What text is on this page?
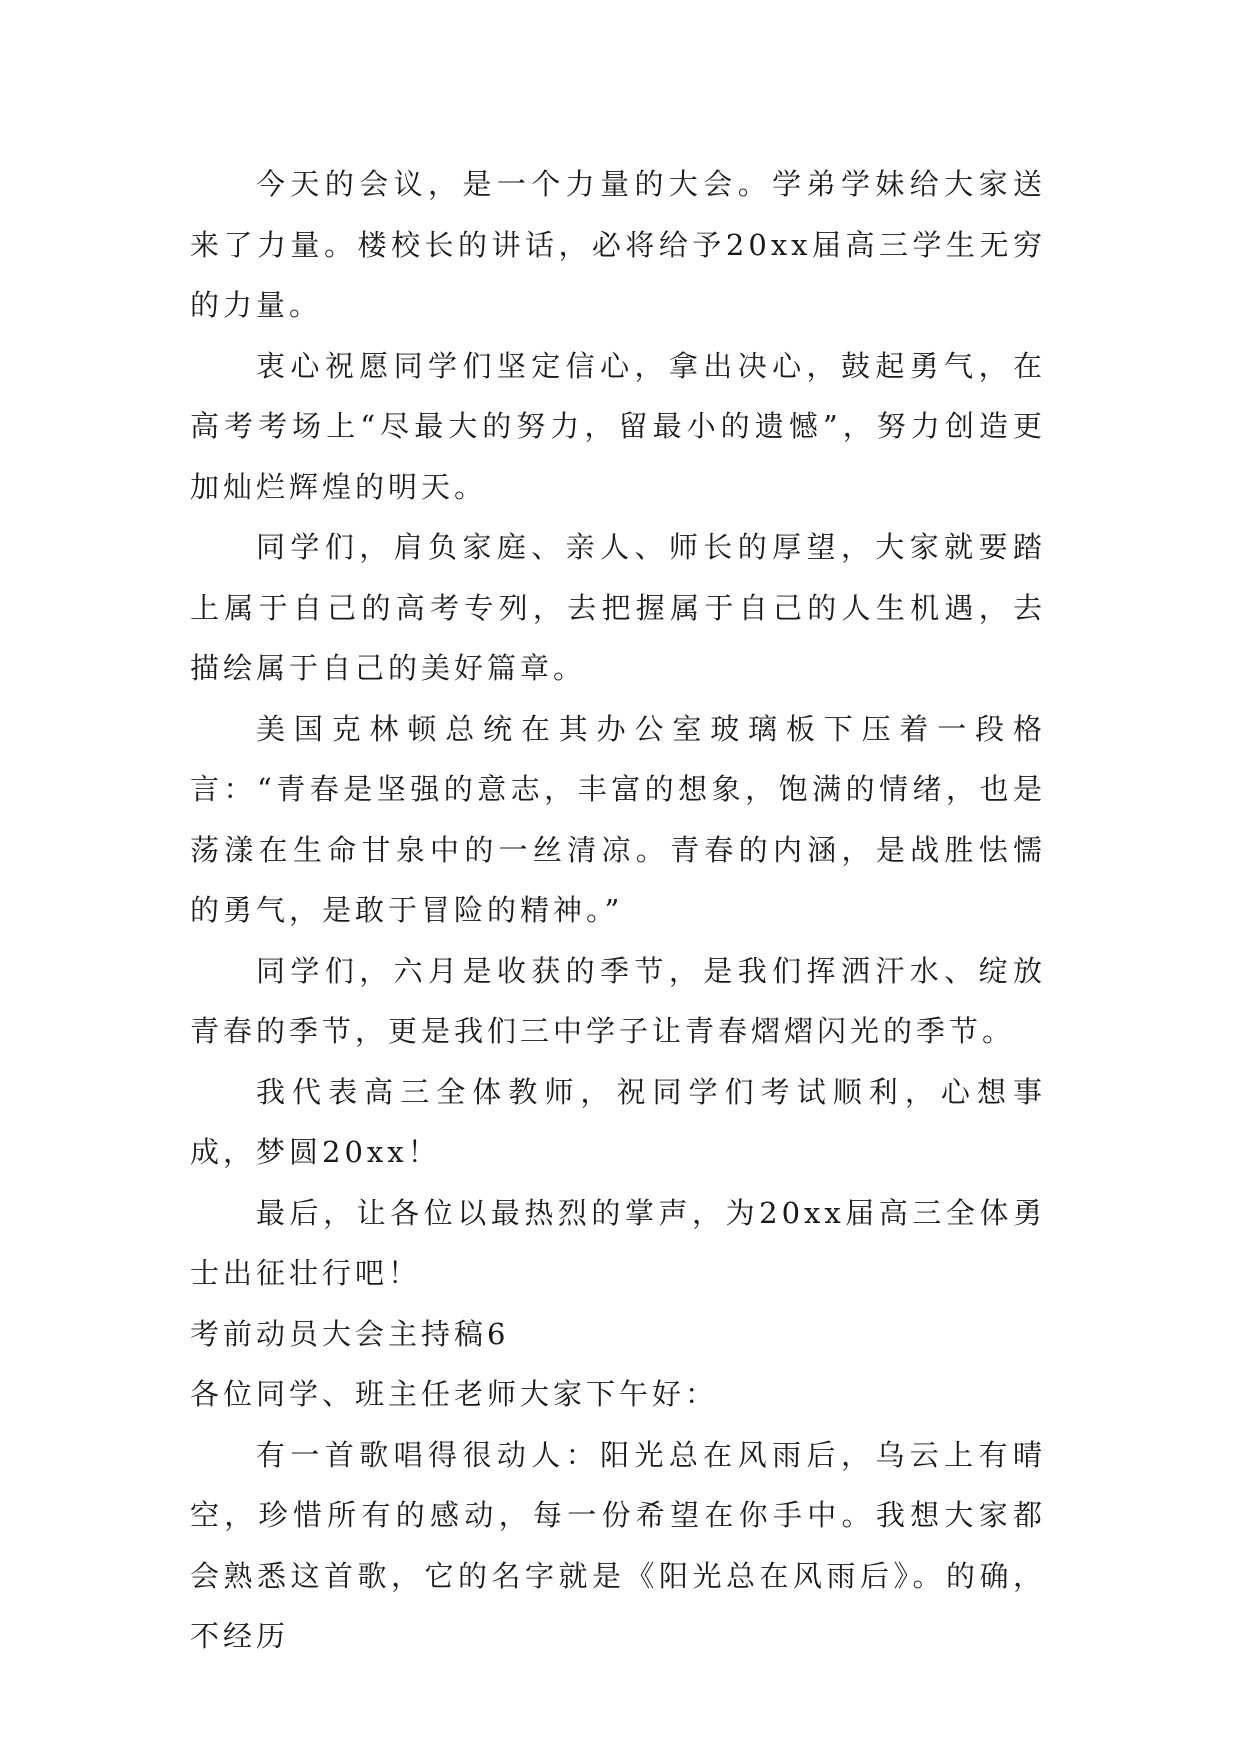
今天的会议，是一个力量的大会。学弟学妹给大家送来了力量。楼校长的讲话，必将给予20xx届高三学生无穷的力量。

衷心祝愿同学们坚定信心，拿出决心，鼓起勇气，在高考考场上“尽最大的努力，留最小的遗憾”，努力创造更加灿烂辉煌的明天。

同学们，肩负家庭、亲人、师长的厚望，大家就要踏上属于自己的高考专列，去把握属于自己的人生机遇，去描绘属于自己的美好篇章。

美国克林顿总统在其办公室玻璃板下压着一段格言：“青春是坚强的意志，丰富的想象，饱满的情绪，也是荡漾在生命甘泉中的一丝清凉。青春的内涵，是战胜怯懦的勇气，是敢于冒险的精神。”

同学们，六月是收获的季节，是我们挥洒汗水、绽放青春的季节，更是我们三中学子让青春熠熠闪光的季节。

我代表高三全体教师，祝同学们考试顺利，心想事成，梦圆20xx！

最后，让各位以最热烈的掌声，为20xx届高三全体勇士出征壮行吧！

考前动员大会主持稿6

各位同学、班主任老师大家下午好：

有一首歌唱得很动人：阳光总在风雨后，乌云上有晴空，珍惜所有的感动，每一份希望在你手中。我想大家都会熟悉这首歌，它的名字就是《阳光总在风雨后》。的确，不经历
